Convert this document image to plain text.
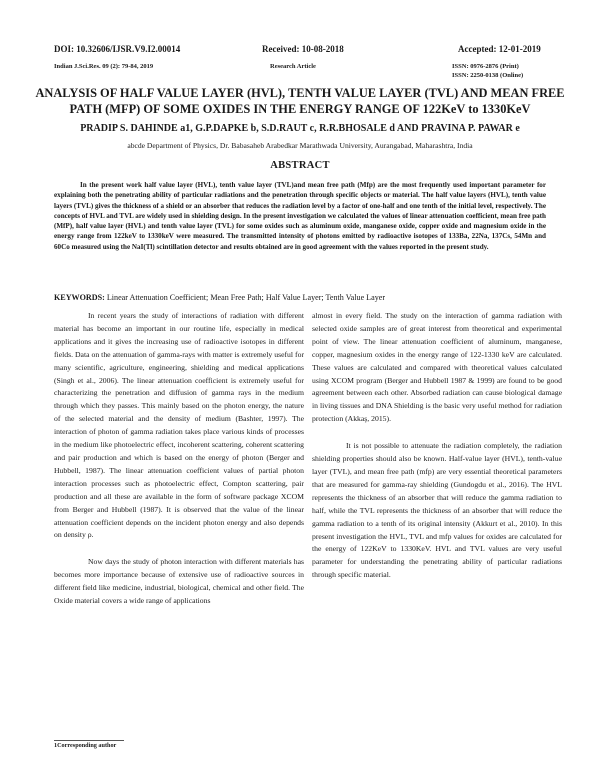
DOI: 10.32606/IJSR.V9.I2.00014	Received: 10-08-2018	Accepted: 12-01-2019
Indian J.Sci.Res. 09 (2): 79-84, 2019	Research Article	ISSN: 0976-2876 (Print)
ISSN: 2250-0138 (Online)
ANALYSIS OF HALF VALUE LAYER (HVL), TENTH VALUE LAYER (TVL) AND MEAN FREE PATH (MFP) OF SOME OXIDES IN THE ENERGY RANGE OF 122KeV to 1330KeV
PRADIP S. DAHINDE a1, G.P.DAPKE b, S.D.RAUT c, R.R.BHOSALE d AND PRAVINA P. PAWAR e
abcde Department of Physics, Dr. Babasaheb Arabedkar Marathwada University, Aurangabad, Maharashtra, India
ABSTRACT
In the present work half value layer (HVL), tenth value layer (TVL)and mean free path (Mfp) are the most frequently used important parameter for explaining both the penetrating ability of particular radiations and the penetration through specific objects or material. The half value layers (HVL), tenth value layers (TVL) gives the thickness of a shield or an absorber that reduces the radiation level by a factor of one-half and one tenth of the initial level, respectively. The concepts of HVL and TVL are widely used in shielding design. In the present investigation we calculated the values of linear attenuation coefficient, mean free path (MfP), half value layer (HVL) and tenth value layer (TVL) for some oxides such as aluminum oxide, manganese oxide, copper oxide and magnesium oxide in the energy range from 122keV to 1330keV were measured. The transmitted intensity of photons emitted by radioactive isotopes of 133Ba, 22Na, 137Cs, 54Mn and 60Co measured using the NaI(Tl) scintillation detector and results obtained are in good agreement with the values reported in the present study.
KEYWORDS: Linear Attenuation Coefficient; Mean Free Path; Half Value Layer; Tenth Value Layer

In recent years the study of interactions of radiation with different material has become an important in our routine life, especially in medical applications and it gives the increasing use of radioactive isotopes in different fields. Data on the attenuation of gamma-rays with matter is extremely useful for many scientific, agriculture, engineering, shielding and medical applications (Singh et al., 2006). The linear attenuation coefficient is extremely useful for characterizing the penetration and diffusion of gamma rays in the medium through which they passes. This mainly based on the photon energy, the nature of the selected material and the density of medium (Bashter, 1997). The interaction of photon of gamma radiation takes place various kinds of processes in the medium like photoelectric effect, incoherent scattering, coherent scattering and pair production and which is based on the energy of photon (Berger and Hubbell, 1987). The linear attenuation coefficient values of partial photon interaction processes such as photoelectric effect, Compton scattering, pair production and all these are available in the form of software package XCOM from Berger and Hubbell (1987). It is observed that the value of the linear attenuation coefficient depends on the incident photon energy and also depends on density ρ.

Now days the study of photon interaction with different materials has becomes more importance because of extensive use of radioactive sources in different field like medicine, industrial, biological, chemical and other field. The Oxide material covers a wide range of applications

almost in every field. The study on the interaction of gamma radiation with selected oxide samples are of great interest from theoretical and experimental point of view. The linear attenuation coefficient of aluminum, manganese, copper, magnesium oxides in the energy range of 122-1330 keV are calculated. These values are calculated and compared with theoretical values calculated using XCOM program (Berger and Hubbell 1987 & 1999) are found to be good agreement between each other. Absorbed radiation can cause biological damage in living tissues and DNA Shielding is the basic very useful method for radiation protection (Akkaş, 2015).

It is not possible to attenuate the radiation completely, the radiation shielding properties should also be known. Half-value layer (HVL), tenth-value layer (TVL), and mean free path (mfp) are very essential theoretical parameters that are measured for gamma-ray shielding (Gundogdu et al., 2016). The HVL represents the thickness of an absorber that will reduce the gamma radiation to half, while the TVL represents the thickness of an absorber that will reduce the gamma radiation to a tenth of its original intensity (Akkurt et al., 2010). In this present investigation the HVL, TVL and mfp values for oxides are calculated for the energy of 122KeV to 1330KeV. HVL and TVL values are very useful parameter for understanding the penetrating ability of particular radiations through specific material.

1Corresponding author
